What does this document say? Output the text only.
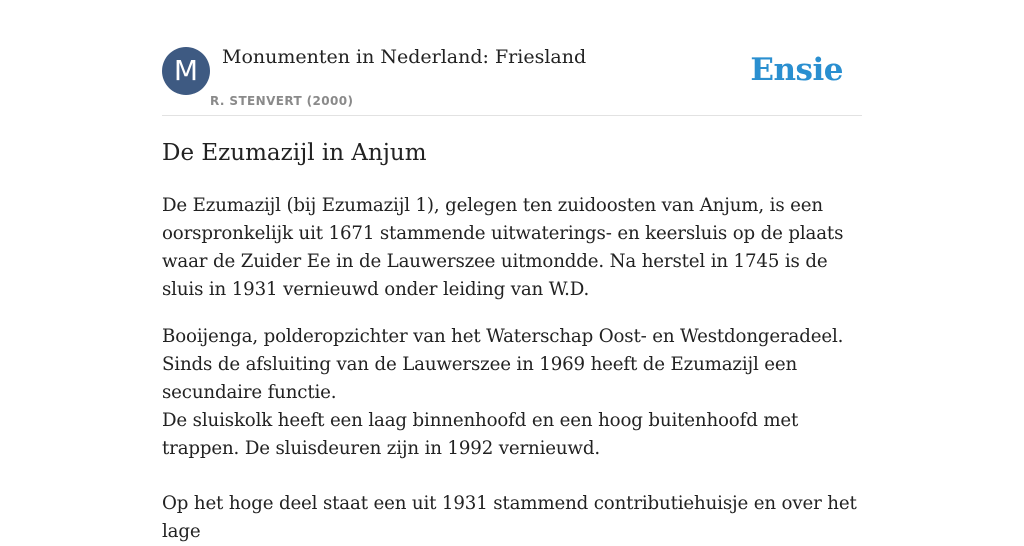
M	Monumenten in Nederland: Friesland
R. STENVERT (2000)
Ensie
De Ezumazijl in Anjum

De Ezumazijl (bij Ezumazijl 1), gelegen ten zuidoosten van Anjum, is een oorspronkelijk uit 1671 stammende uitwaterings- en keersluis op de plaats waar de Zuider Ee in de Lauwerszee uitmondde. Na herstel in 1745 is de sluis in 1931 vernieuwd onder leiding van W.D.

Booijenga, polderopzichter van het Waterschap Oost- en Westdongeradeel. Sinds de afsluiting van de Lauwerszee in 1969 heeft de Ezumazijl een secundaire functie.

De sluiskolk heeft een laag binnenhoofd en een hoog buitenhoofd met trappen. De sluisdeuren zijn in 1992 vernieuwd.

Op het hoge deel staat een uit 1931 stammend contributiehuisje en over het lage
